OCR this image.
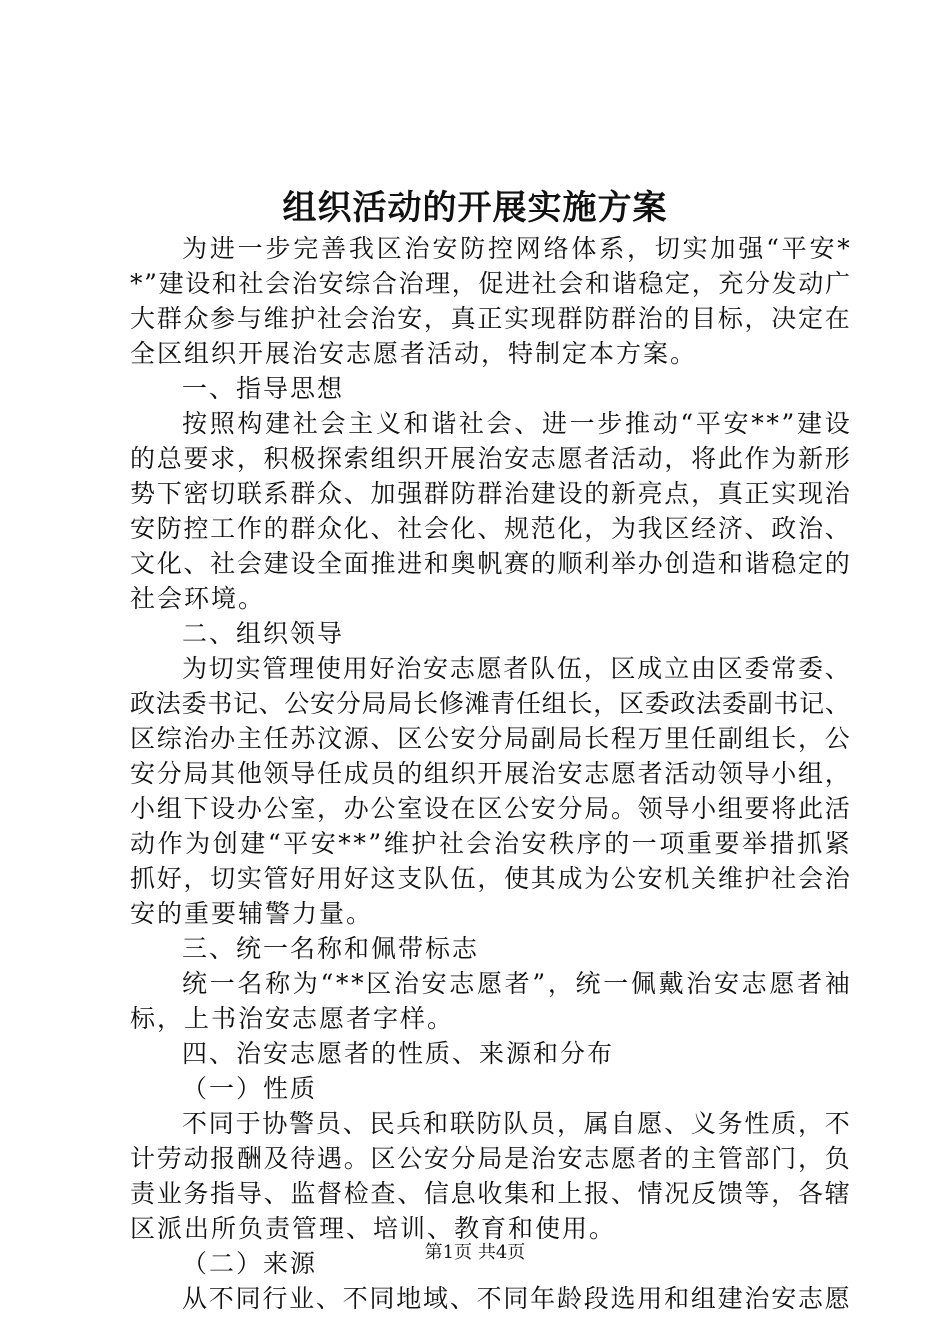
组织活动的开展实施方案
为 进 一 步 完 善 我 区 治 安 防 控 网 络 体 系 ， 切 实 加 强 “ 平 安 *
* ” 建 设 和 社 会 治 安 综 合 治 理 ， 促 进 社 会 和 谐 稳 定 ， 充 分 发 动 广
大 群 众 参 与 维 护 社 会 治 安 ， 真 正 实 现 群 防 群 治 的 目 标 ， 决 定 在
全区组织开展治安志愿者活动，特制定本方案。
一、指导思想
按 照 构 建 社 会 主 义 和 谐 社 会 、 进 一 步 推 动 “ 平 安 * * ” 建 设
的 总 要 求 ， 积 极 探 索 组 织 开 展 治 安 志 愿 者 活 动 ， 将 此 作 为 新 形
势 下 密 切 联 系 群 众 、 加 强 群 防 群 治 建 设 的 新 亮 点 ， 真 正 实 现 治
安 防 控 工 作 的 群 众 化 、 社 会 化 、 规 范 化 ， 为 我 区 经 济 、 政 治 、
文 化 、 社 会 建 设 全 面 推 进 和 奥 帆 赛 的 顺 利 举 办 创 造 和 谐 稳 定 的
社会环境。
二、组织领导
为 切 实 管 理 使 用 好 治 安 志 愿 者 队 伍 ， 区 成 立 由 区 委 常 委 、
政 法 委 书 记 、 公 安 分 局 局 长 修 滩 青 任 组 长 ， 区 委 政 法 委 副 书 记 、
区 综 治 办 主 任 苏 汶 源 、 区 公 安 分 局 副 局 长 程 万 里 任 副 组 长 ， 公
安 分 局 其 他 领 导 任 成 员 的 组 织 开 展 治 安 志 愿 者 活 动 领 导 小 组 ，
小 组 下 设 办 公 室 ， 办 公 室 设 在 区 公 安 分 局 。 领 导 小 组 要 将 此 活
动 作 为 创 建 “ 平 安 * * ” 维 护 社 会 治 安 秩 序 的 一 项 重 要 举 措 抓 紧
抓 好 ， 切 实 管 好 用 好 这 支 队 伍 ， 使 其 成 为 公 安 机 关 维 护 社 会 治
安的重要辅警力量。
三、统一名称和佩带标志
统 一 名 称 为 “ * * 区 治 安 志 愿 者 ” ， 统 一 佩 戴 治 安 志 愿 者 袖
标，上书治安志愿者字样。
四、治安志愿者的性质、来源和分布
（一）性质
不 同 于 协 警 员 、 民 兵 和 联 防 队 员 ， 属 自 愿 、 义 务 性 质 ， 不
计 劳 动 报 酬 及 待 遇 。 区 公 安 分 局 是 治 安 志 愿 者 的 主 管 部 门 ， 负
责 业 务 指 导 、 监 督 检 查 、 信 息 收 集 和 上 报 、 情 况 反 馈 等 ， 各 辖
区派出所负责管理、培训、教育和使用。
（二）来源
从 不 同 行 业 、 不 同 地 域 、 不 同 年 龄 段 选 用 和 组 建 治 安 志 愿
第1页 共4页
